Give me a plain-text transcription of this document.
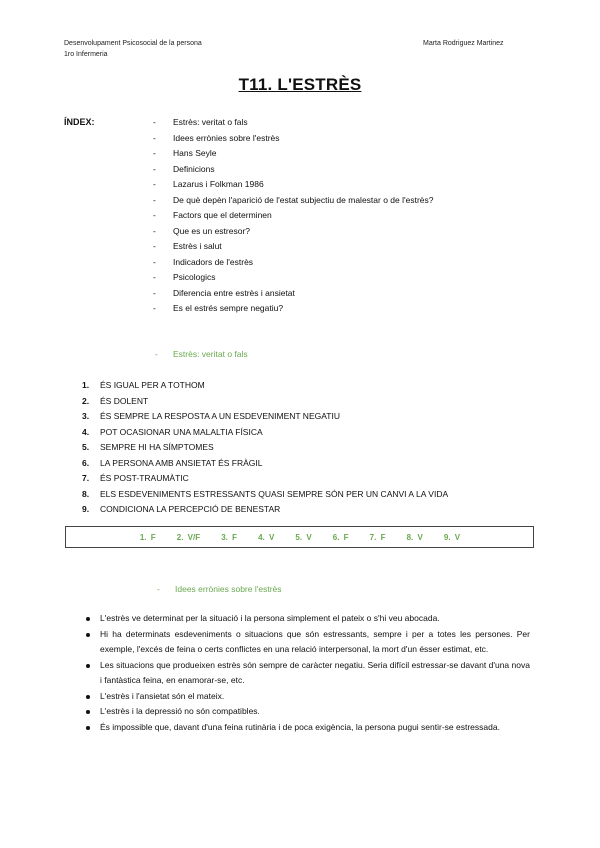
Desenvolupament Psicosocial de la persona
1ro Infermeria
Marta Rodriguez Martinez
T11. L'ESTRÈS
ÍNDEX:	- Estrès: veritat o fals
- Idees errònies sobre l'estrès
- Hans Seyle
- Definicions
- Lazarus i Folkman 1986
- De què depèn l'aparició de l'estat subjectiu de malestar o de l'estrès?
- Factors que el determinen
- Que es un estresor?
- Estrès i salut
- Indicadors de l'estrès
- Psicologics
- Diferencia entre estrès i ansietat
- Es el estrés sempre negatiu?
- Estrès: veritat o fals
1. ÉS IGUAL PER A TOTHOM
2. ÉS DOLENT
3. ÉS SEMPRE LA RESPOSTA A UN ESDEVENIMENT NEGATIU
4. POT OCASIONAR UNA MALALTIA FÍSICA
5. SEMPRE HI HA SÍMPTOMES
6. LA PERSONA AMB ANSIETAT ÉS FRÀGIL
7. ÉS POST-TRAUMÀTIC
8. ELS ESDEVENIMENTS ESTRESSANTS QUASI SEMPRE SÓN PER UN CANVI A LA VIDA
9. CONDICIONA LA PERCEPCIÓ DE BENESTAR
1. F     2. V/F     3. F     4. V     5. V     6. F     7. F     8. V     9. V
- Idees errònies sobre l'estrès
L'estrès ve determinat per la situació i la persona simplement el pateix o s'hi veu abocada.
Hi ha determinats esdeveniments o situacions que són estressants, sempre i per a totes les persones. Per exemple, l'excés de feina o certs conflictes en una relació interpersonal, la mort d'un ésser estimat, etc.
Les situacions que produeixen estrès són sempre de caràcter negatiu. Seria difícil estressar-se davant d'una nova i fantàstica feina, en enamorar-se, etc.
L'estrès i l'ansietat són el mateix.
L'estrès i la depressió no són compatibles.
És impossible que, davant d'una feina rutinària i de poca exigència, la persona pugui sentir-se estressada.
